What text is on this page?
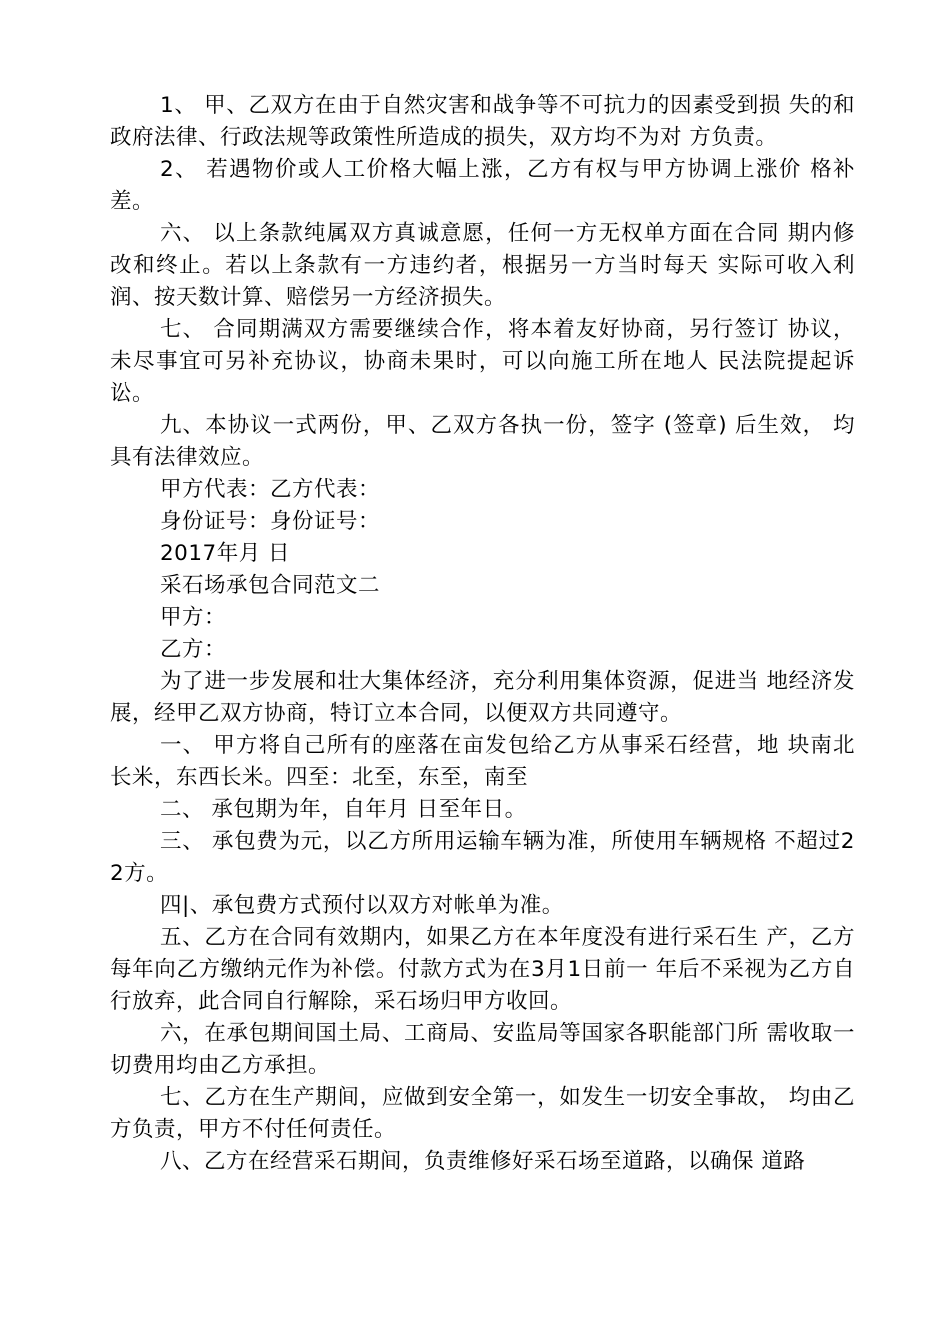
1、 甲、乙双方在由于自然灾害和战争等不可抗力的因素受到损 失的和政府法律、行政法规等政策性所造成的损失，双方均不为对 方负责。

2、 若遇物价或人工价格大幅上涨，乙方有权与甲方协调上涨价 格补差。

六、 以上条款纯属双方真诚意愿，任何一方无权单方面在合同 期内修改和终止。若以上条款有一方违约者，根据另一方当时每天 实际可收入利润、按天数计算、赔偿另一方经济损失。

七、 合同期满双方需要继续合作，将本着友好协商，另行签订 协议，未尽事宜可另补充协议，协商未果时，可以向施工所在地人 民法院提起诉讼。

九、本协议一式两份，甲、乙双方各执一份，签字 (签章) 后生效， 均具有法律效应。

甲方代表：乙方代表：

身份证号：身份证号：

2017年月 日

采石场承包合同范文二

甲方：

乙方：

为了进一步发展和壮大集体经济，充分利用集体资源，促进当 地经济发展，经甲乙双方协商，特订立本合同，以便双方共同遵守。

一、 甲方将自己所有的座落在亩发包给乙方从事采石经营，地 块南北长米，东西长米。四至：北至，东至，南至

二、 承包期为年，自年月 日至年日。

三、 承包费为元，以乙方所用运输车辆为准，所使用车辆规格 不超过22方。

四|、承包费方式预付以双方对帐单为准。

五、乙方在合同有效期内，如果乙方在本年度没有进行采石生 产，乙方每年向乙方缴纳元作为补偿。付款方式为在3月1日前一 年后不采视为乙方自行放弃，此合同自行解除，采石场归甲方收回。

六，在承包期间国土局、工商局、安监局等国家各职能部门所 需收取一切费用均由乙方承担。

七、乙方在生产期间，应做到安全第一，如发生一切安全事故， 均由乙方负责，甲方不付任何责任。

八、乙方在经营采石期间，负责维修好采石场至道路，以确保 道路
